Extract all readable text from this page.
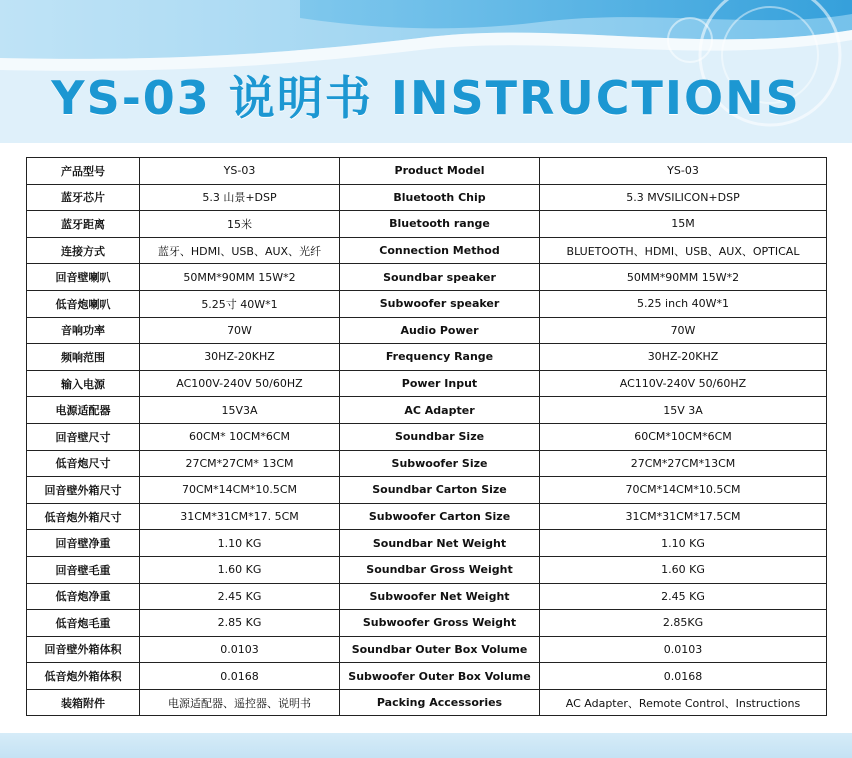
YS-03 说明书 INSTRUCTIONS
产品型号	YS-03	Product Model	YS-03
蓝牙芯片	5.3 山景+DSP	Bluetooth Chip	5.3 MVSILICON+DSP
蓝牙距离	15米	Bluetooth range	15M
连接方式	蓝牙、HDMI、USB、AUX、光纤	Connection Method	BLUETOOTH、HDMI、USB、AUX、OPTICAL
回音壁喇叭	50MM*90MM 15W*2	Soundbar speaker	50MM*90MM 15W*2
低音炮喇叭	5.25寸 40W*1	Subwoofer speaker	5.25 inch 40W*1
音响功率	70W	Audio Power	70W
频响范围	30HZ-20KHZ	Frequency Range	30HZ-20KHZ
输入电源	AC100V-240V 50/60HZ	Power Input	AC110V-240V 50/60HZ
电源适配器	15V3A	AC Adapter	15V 3A
回音壁尺寸	60CM* 10CM*6CM	Soundbar Size	60CM*10CM*6CM
低音炮尺寸	27CM*27CM* 13CM	Subwoofer Size	27CM*27CM*13CM
回音壁外箱尺寸	70CM*14CM*10.5CM	Soundbar Carton Size	70CM*14CM*10.5CM
低音炮外箱尺寸	31CM*31CM*17. 5CM	Subwoofer Carton Size	31CM*31CM*17.5CM
回音壁净重	1.10 KG	Soundbar Net Weight	1.10 KG
回音壁毛重	1.60 KG	Soundbar Gross Weight	1.60 KG
低音炮净重	2.45 KG	Subwoofer Net Weight	2.45 KG
低音炮毛重	2.85 KG	Subwoofer Gross Weight	2.85KG
回音壁外箱体积	0.0103	Soundbar Outer Box Volume	0.0103
低音炮外箱体积	0.0168	Subwoofer Outer Box Volume	0.0168
装箱附件	电源适配器、遥控器、说明书	Packing Accessories	AC Adapter、Remote Control、Instructions
